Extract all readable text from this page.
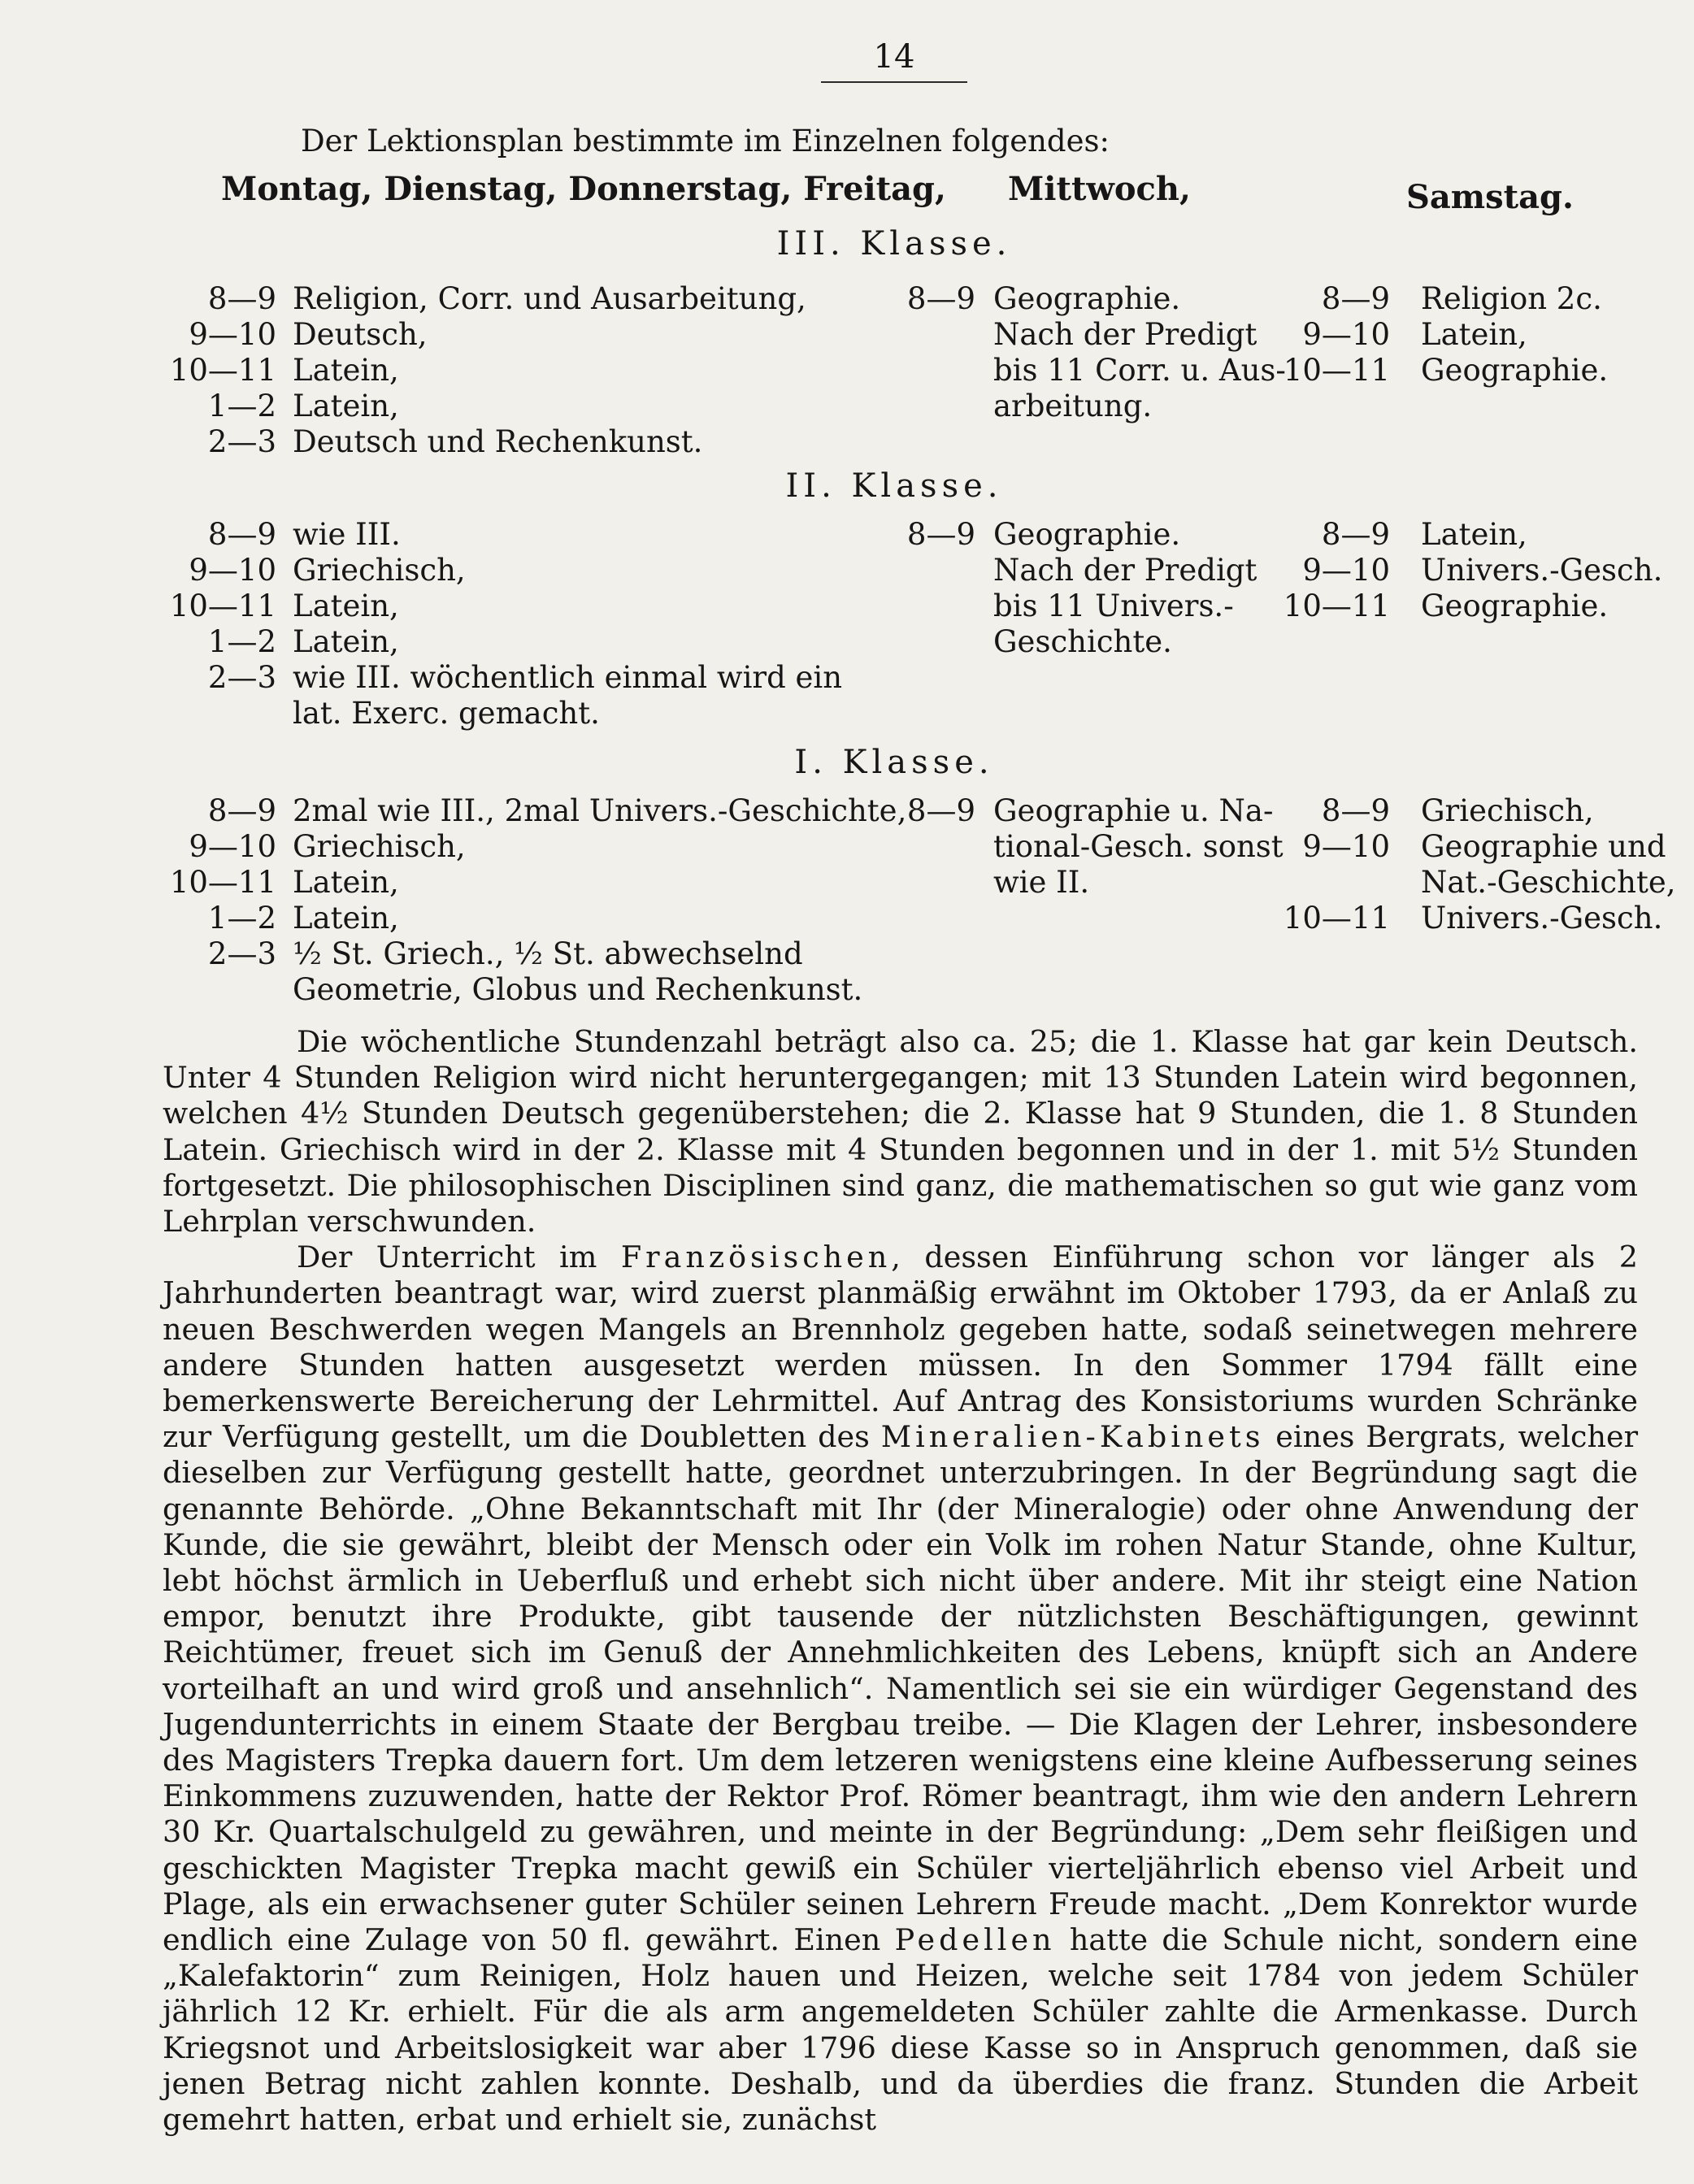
14
Der Lektionsplan bestimmte im Einzelnen folgendes:
Montag, Dienstag, Donnerstag, Freitag, Mittwoch,	Samstag.
III. Klasse.
8—9 Religion, Corr. und Ausarbeitung,
9—10 Deutsch,
10—11 Latein,
1—2 Latein,
2—3 Deutsch und Rechenkunst.
8—9 Geographie.
Nach der Predigt
bis 11 Corr. u. Aus-
arbeitung.
8—9 Religion 2c.
9—10 Latein,
10—11 Geographie.
II. Klasse.
8—9 wie III.
9—10 Griechisch,
10—11 Latein,
1—2 Latein,
2—3 wie III. wöchentlich einmal wird ein
lat. Exerc. gemacht.
8—9 Geographie.
Nach der Predigt
bis 11 Univers.-
Geschichte.
8—9 Latein,
9—10 Univers.-Gesch.
10—11 Geographie.
I. Klasse.
8—9 2mal wie III., 2mal Univers.-Geschichte,
9—10 Griechisch,
10—11 Latein,
1—2 Latein,
2—3 ½ St. Griech., ½ St. abwechselnd
Geometrie, Globus und Rechenkunst.
8—9 Geographie u. Na-
tional-Gesch. sonst
wie II.
8—9 Griechisch,
9—10 Geographie und
Nat.-Geschichte,
10—11 Univers.-Gesch.

Die wöchentliche Stundenzahl beträgt also ca. 25; die 1. Klasse hat gar kein Deutsch. Unter 4 Stunden Religion wird nicht heruntergegangen; mit 13 Stunden Latein wird begonnen, welchen 4½ Stunden Deutsch gegenüberstehen; die 2. Klasse hat 9 Stunden, die 1. 8 Stunden Latein. Griechisch wird in der 2. Klasse mit 4 Stunden begonnen und in der 1. mit 5½ Stunden fortgesetzt. Die philosophischen Disciplinen sind ganz, die mathematischen so gut wie ganz vom Lehrplan verschwunden.

Der Unterricht im Französischen, dessen Einführung schon vor länger als 2 Jahrhunderten beantragt war, wird zuerst planmäßig erwähnt im Oktober 1793, da er Anlaß zu neuen Beschwerden wegen Mangels an Brennholz gegeben hatte, sodaß seinetwegen mehrere andere Stunden hatten ausgesetzt werden müssen. In den Sommer 1794 fällt eine bemerkenswerte Bereicherung der Lehrmittel. Auf Antrag des Konsistoriums wurden Schränke zur Verfügung gestellt, um die Doubletten des Mineralien-Kabinets eines Bergrats, welcher dieselben zur Verfügung gestellt hatte, geordnet unterzubringen. In der Begründung sagt die genannte Behörde. „Ohne Bekanntschaft mit Ihr (der Mineralogie) oder ohne Anwendung der Kunde, die sie gewährt, bleibt der Mensch oder ein Volk im rohen Natur Stande, ohne Kultur, lebt höchst ärmlich in Ueberfluß und erhebt sich nicht über andere. Mit ihr steigt eine Nation empor, benutzt ihre Produkte, gibt tausende der nützlichsten Beschäftigungen, gewinnt Reichtümer, freuet sich im Genuß der Annehmlichkeiten des Lebens, knüpft sich an Andere vorteilhaft an und wird groß und ansehnlich“. Namentlich sei sie ein würdiger Gegenstand des Jugendunterrichts in einem Staate der Bergbau treibe. — Die Klagen der Lehrer, insbesondere des Magisters Trepka dauern fort. Um dem letzeren wenigstens eine kleine Aufbesserung seines Einkommens zuzuwenden, hatte der Rektor Prof. Römer beantragt, ihm wie den andern Lehrern 30 Kr. Quartalschulgeld zu gewähren, und meinte in der Begründung: „Dem sehr fleißigen und geschickten Magister Trepka macht gewiß ein Schüler vierteljährlich ebenso viel Arbeit und Plage, als ein erwachsener guter Schüler seinen Lehrern Freude macht. „Dem Konrektor wurde endlich eine Zulage von 50 fl. gewährt. Einen Pedellen hatte die Schule nicht, sondern eine „Kalefaktorin“ zum Reinigen, Holz hauen und Heizen, welche seit 1784 von jedem Schüler jährlich 12 Kr. erhielt. Für die als arm angemeldeten Schüler zahlte die Armenkasse. Durch Kriegsnot und Arbeitslosigkeit war aber 1796 diese Kasse so in Anspruch genommen, daß sie jenen Betrag nicht zahlen konnte. Deshalb, und da überdies die franz. Stunden die Arbeit gemehrt hatten, erbat und erhielt sie, zunächst
